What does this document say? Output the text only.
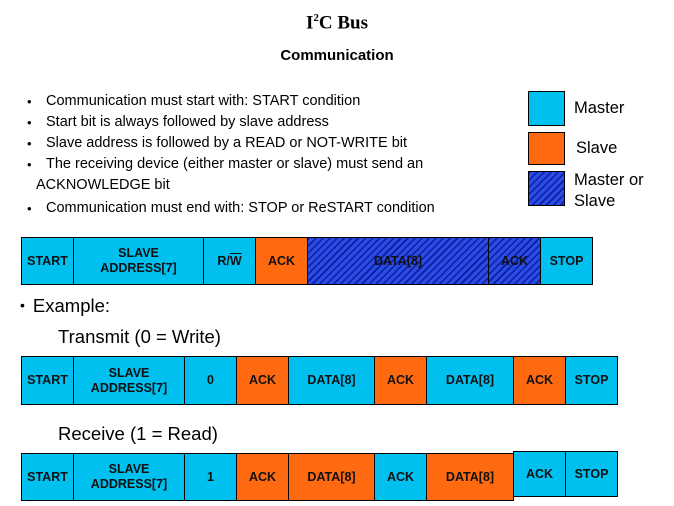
$I^2C$ Bus
Communication
• Communication must start with: START condition
• Start bit is always followed by slave address
• Slave address is followed by a READ or NOT-WRITE bit
• The receiving device (either master or slave) must send an
ACKNOWLEDGE bit
• Communication must end with: STOP or ReSTART condition
Master
Slave
Master or
Slave
START
SLAVE
ADDRESS[7]
$R/\overline{W}$	ACK	DATA[8]	ACK	STOP
• Example:
Transmit (0 = Write)
START
SLAVE
ADDRESS[7]
0	ACK	DATA[8]	ACK	DATA[8]	ACK	STOP
Receive (1 = Read)
START
SLAVE
ADDRESS[7]
1	ACK	DATA[8]	ACK	DATA[8]	ACK	STOP
